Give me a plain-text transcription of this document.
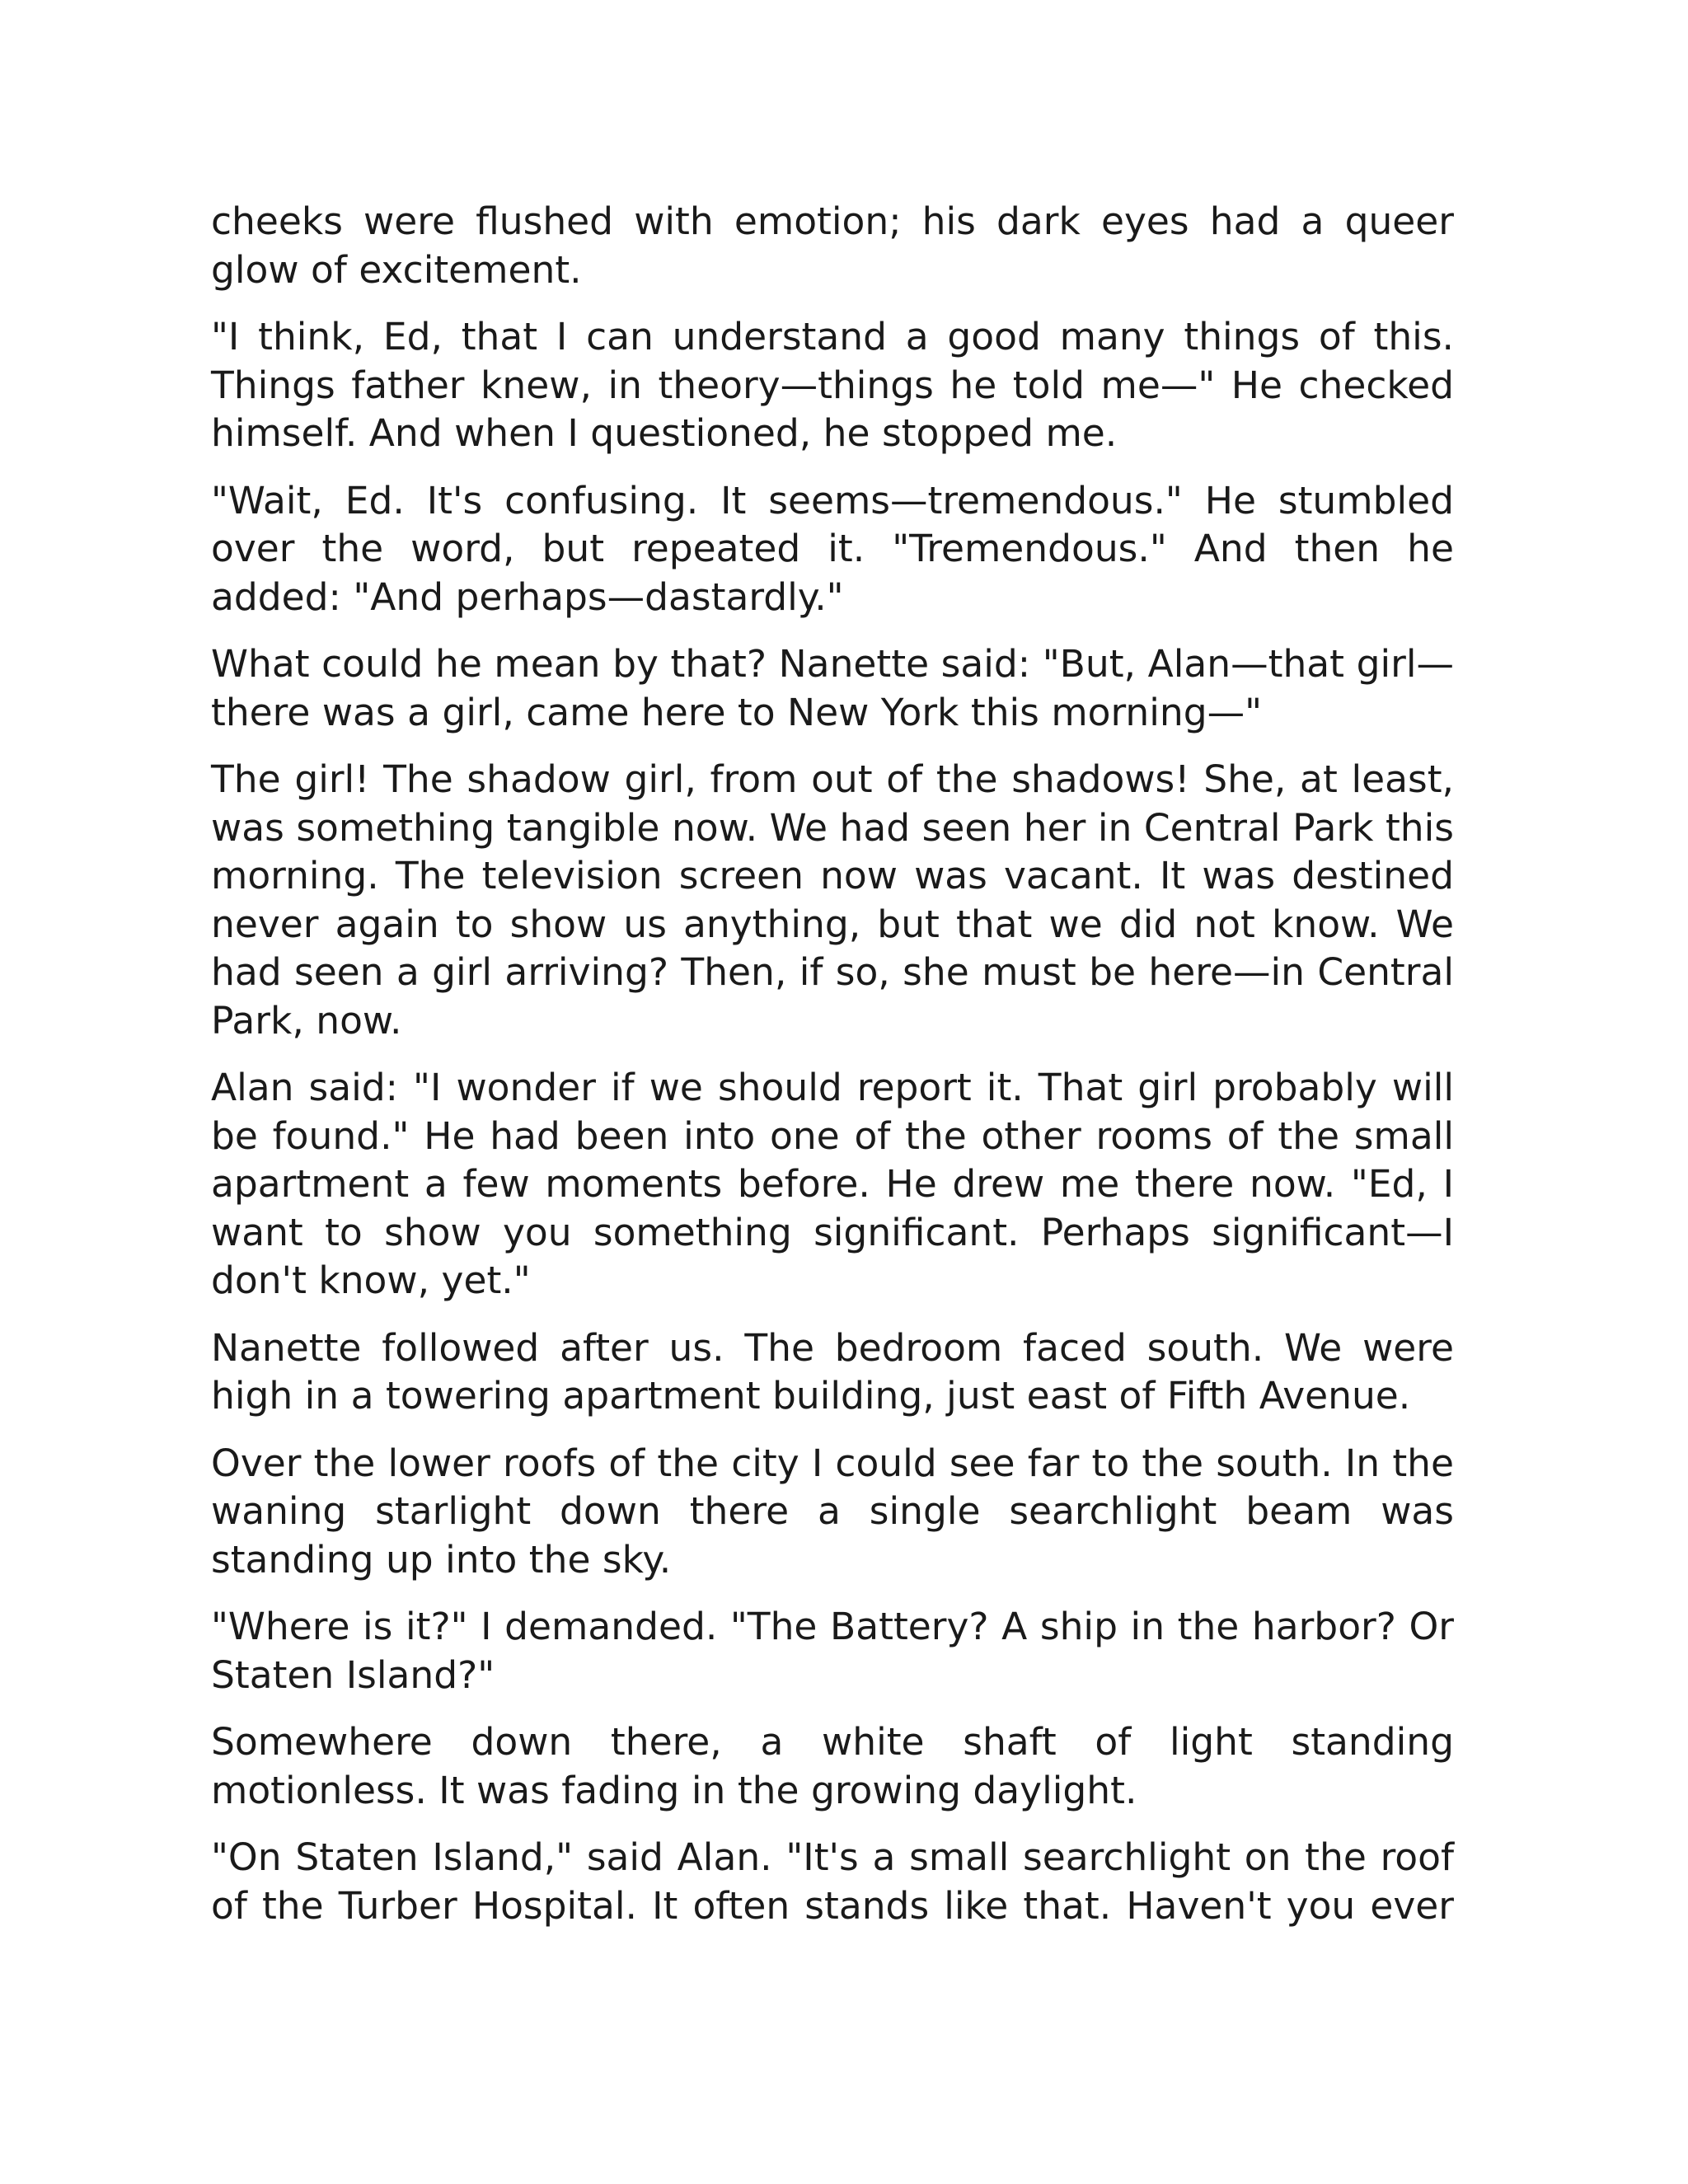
cheeks were flushed with emotion; his dark eyes had a queer glow of excitement.

"I think, Ed, that I can understand a good many things of this. Things father knew, in theory—things he told me—" He checked himself. And when I questioned, he stopped me.

"Wait, Ed. It's confusing. It seems—tremendous." He stumbled over the word, but repeated it. "Tremendous." And then he added: "And perhaps—dastardly."

What could he mean by that? Nanette said: "But, Alan—that girl—there was a girl, came here to New York this morning—"

The girl! The shadow girl, from out of the shadows! She, at least, was something tangible now. We had seen her in Central Park this morning. The television screen now was vacant. It was destined never again to show us anything, but that we did not know. We had seen a girl arriving? Then, if so, she must be here—in Central Park, now.

Alan said: "I wonder if we should report it. That girl probably will be found." He had been into one of the other rooms of the small apartment a few moments before. He drew me there now. "Ed, I want to show you something significant. Perhaps significant—I don't know, yet."

Nanette followed after us. The bedroom faced south. We were high in a towering apartment building, just east of Fifth Avenue.

Over the lower roofs of the city I could see far to the south. In the waning starlight down there a single searchlight beam was standing up into the sky.

"Where is it?" I demanded. "The Battery? A ship in the harbor? Or Staten Island?"

Somewhere down there, a white shaft of light standing motionless. It was fading in the growing daylight.

"On Staten Island," said Alan. "It's a small searchlight on the roof of the Turber Hospital. It often stands like that. Haven't you ever
